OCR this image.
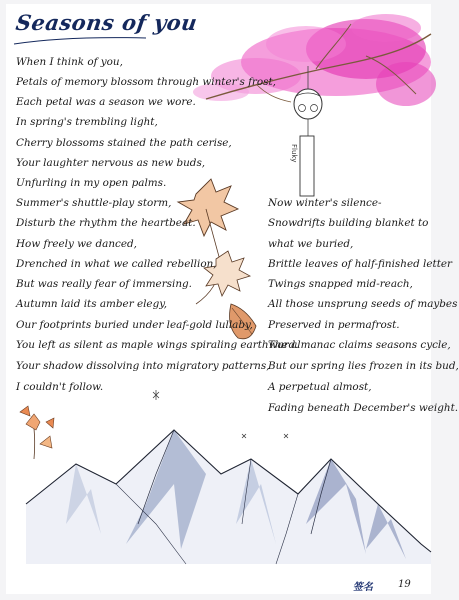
Seasons of you
Fluky
When I think of you,
Petals of memory blossom through winter's frost,
Each petal was a season we wore.
In spring's trembling light,
Cherry blossoms stained the path cerise,
Your laughter nervous as new buds,
Unfurling in my open palms.
Summer's shuttle-play storm,
Disturb the rhythm the heartbeat.
How freely we danced,
Drenched in what we called rebellion,
But was really fear of immersing.
Autumn laid its amber elegy,
Our footprints buried under leaf-gold lullaby,
You left as silent as maple wings spiraling earthward.
Your shadow dissolving into migratory patterns,
I couldn't follow.
Now winter's silence-
Snowdrifts building blanket to
what we buried,
Brittle leaves of half-finished letter
Twings snapped mid-reach,
All those unsprung seeds of maybes
Preserved in permafrost.
The almanac claims seasons cycle,
But our spring lies frozen in its bud,
A perpetual almost,
Fading beneath December's weight.
签名 19
